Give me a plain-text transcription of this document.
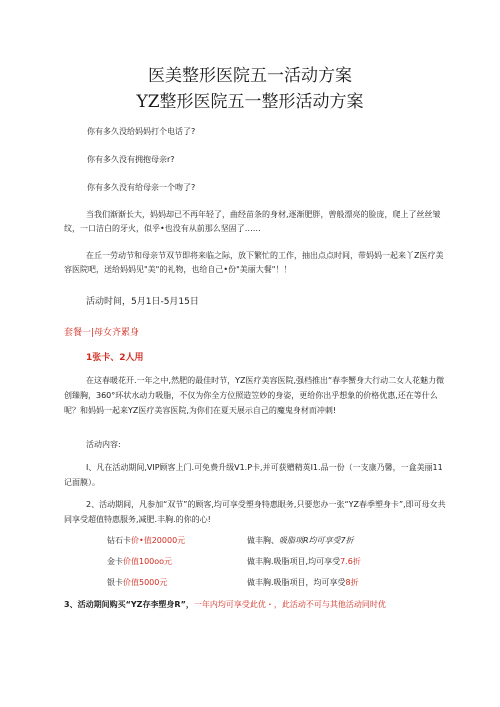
医美整形医院五一活动方案
YZ整形医院五一整形活动方案
你有多久没给妈妈打个电话了?
你有多久没有拥抱母亲r?
你有多久没有给母亲一个吻了?
当我们渐渐长大，妈妈却已不再年轻了，曲经苗条的身材,逐渐肥胖，曾般漂亮的脸庞，爬上了丝丝皱纹，一口洁白的牙火，似乎•也没有从前那么坚固了……
在丘一劳动节和母亲节双节即将来临之际，放下繁忙的工作，抽出点点时间，带妈妈一起来丫Z医疗美容医院吧，送给妈妈见"美"的礼物，也给自己•份"美丽大餐"！！
活动时间，5月1日-5月15日
套餐一|母女齐累身
1张卡、2人用
在这春暖花开.一年之中,然肥的最佳时节，YZ医疗美容医院,强档推出“春李蟹身大行动二女人花魅力微创臻胸，360°环状水动力吸脂，不仅为你全方位照造笠妙的身姿，更给你出乎想象的价格优惠,还在等什么呢？和妈妈一起来YZ医疗美容医院,为你们在夏天展示自己的魔鬼身材而冲刺!
活动内容:
I、凡在活动期间,VIP顾客上门.可免费升级V1.P卡,并可获赠精英I1.品一份（一支康乃馨，一盒美丽11记面膜）。
2、活动期间，凡参加“双节”的顾客,均可享受塑身特惠眼务,只要您办一张“YZ春季塑身卡”,即可母女共同享受超值特惠服务,减肥.丰胸.的你的心!
钻石卡价•值20000元	做丰胸、吸脂项R均可享受7折
金卡价值100oo元	做丰胸.吸脂项目,均可享受7.6折
银卡价值5000元	做丰胸.吸脂项目，均可享受8折
3、活动期间购买“YZ存李塑身R”，一年内均可享受此优・，此活动不可与其他活动同时优
